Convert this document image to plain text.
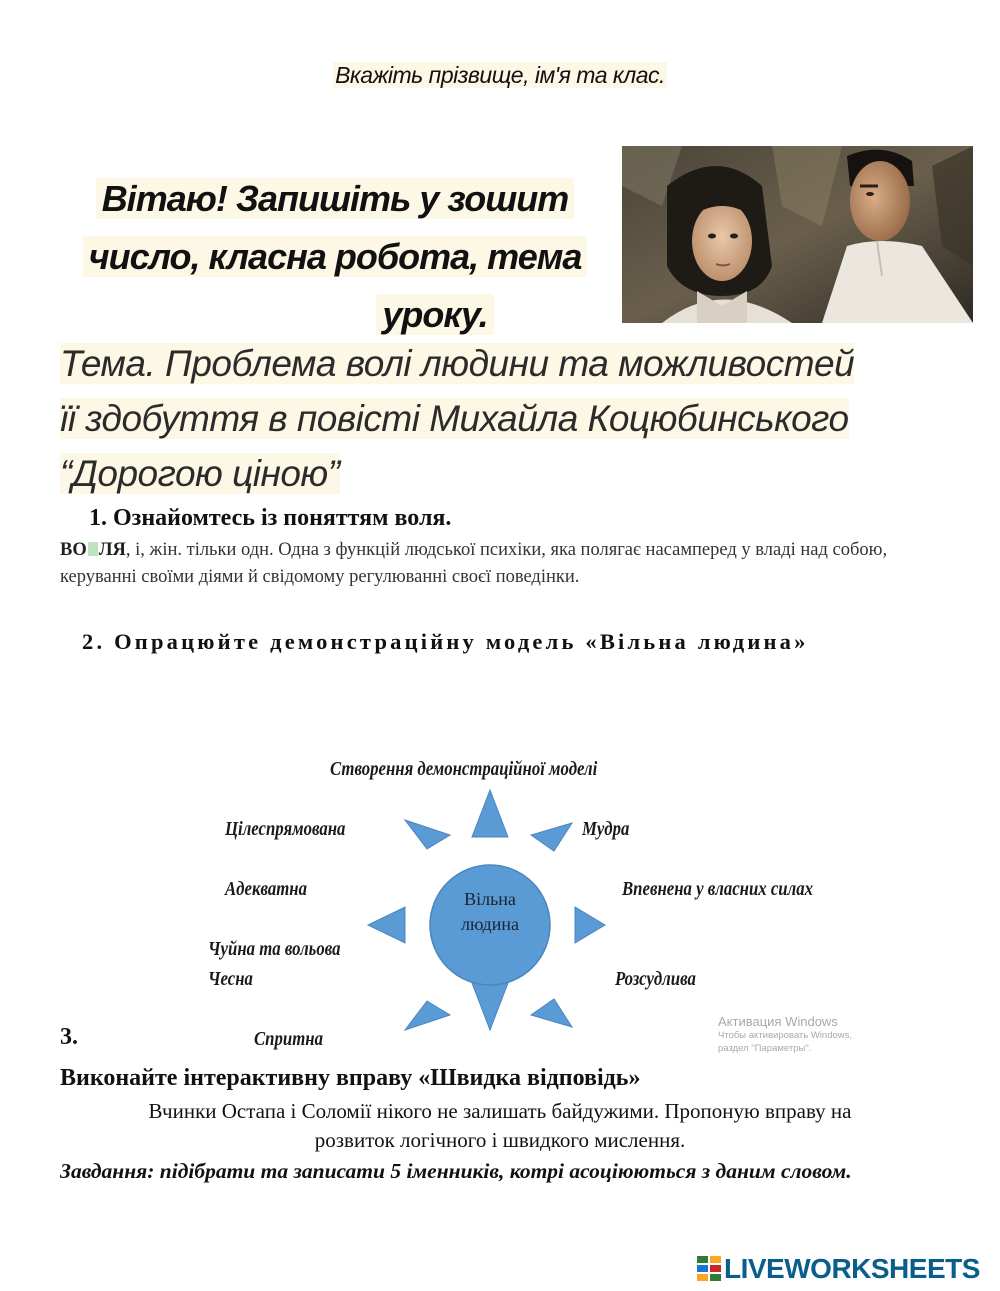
Вкажіть прізвище, ім'я та клас.
Вітаю! Запишіть у зошит
число, класна робота, тема
уроку.
Тема. Проблема волі людини та можливостей
її здобуття в повісті Михайла Коцюбинського
“Дорогою ціною”
1. Ознайомтесь із поняттям воля.
ВО ЛЯ, і, жін. тільки одн. Одна з функцій людської психіки, яка полягає насамперед у владі над собою, керуванні своїми діями й свідомому регулюванні своєї поведінки.
2. Опрацюйте демонстраційну модель «Вільна людина»
Вільна
людина
Створення демонстраційної моделі
Цілеспрямована	Мудра
Адекватна	Впевнена у власних силах
Чуйна та вольова
Чесна	Розсудлива
Спритна
Активация Windows
Чтобы активировать Windows, раздел "Параметры".
3.
Виконайте інтерактивну вправу «Швидка відповідь»
Вчинки Остапа і Соломії нікого не залишать байдужими. Пропоную вправу на
розвиток логічного і швидкого мислення.
Завдання: підібрати та записати 5 іменників, котрі асоціюються з даним словом.
LIVEWORKSHEETS
